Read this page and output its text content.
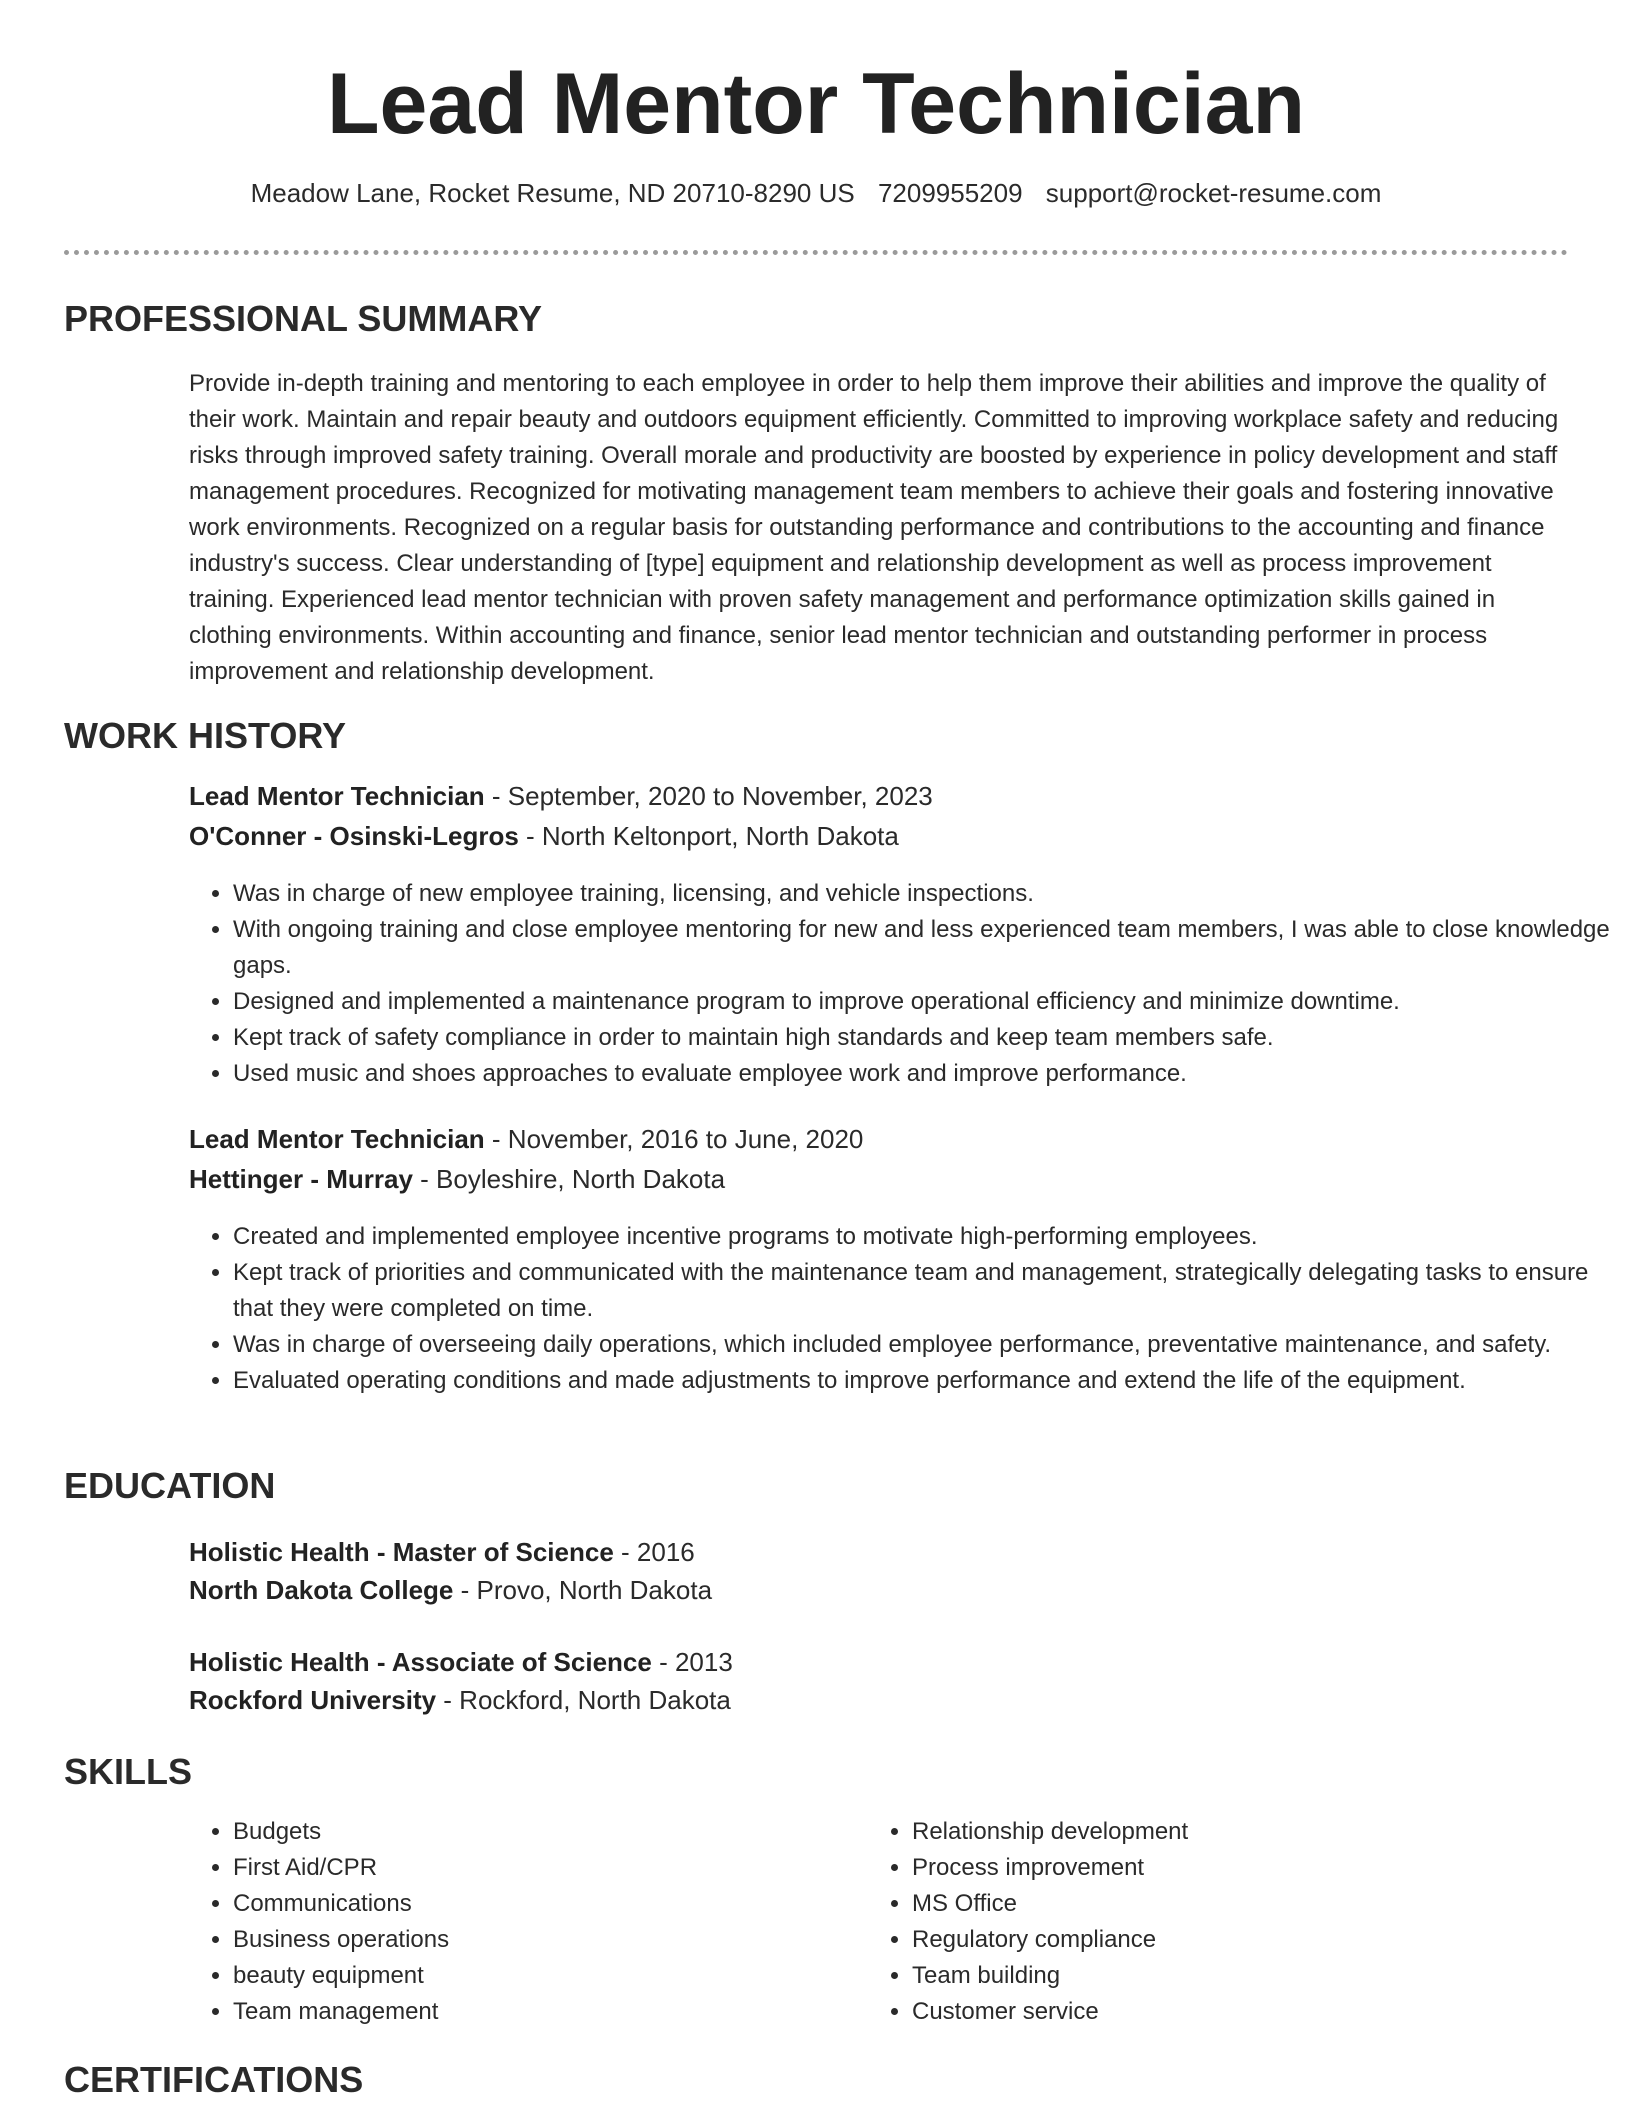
Lead Mentor Technician
Meadow Lane, Rocket Resume, ND 20710-8290 US 7209955209 support@rocket-resume.com
PROFESSIONAL SUMMARY

Provide in-depth training and mentoring to each employee in order to help them improve their abilities and improve the quality of their work. Maintain and repair beauty and outdoors equipment efficiently. Committed to improving workplace safety and reducing risks through improved safety training. Overall morale and productivity are boosted by experience in policy development and staff management procedures. Recognized for motivating management team members to achieve their goals and fostering innovative work environments. Recognized on a regular basis for outstanding performance and contributions to the accounting and finance industry's success. Clear understanding of [type] equipment and relationship development as well as process improvement training. Experienced lead mentor technician with proven safety management and performance optimization skills gained in clothing environments. Within accounting and finance, senior lead mentor technician and outstanding performer in process improvement and relationship development.

WORK HISTORY
Lead Mentor Technician - September, 2020 to November, 2023
O'Conner - Osinski-Legros - North Keltonport, North Dakota
• Was in charge of new employee training, licensing, and vehicle inspections.
• With ongoing training and close employee mentoring for new and less experienced team members, I was able to close knowledge gaps.
• Designed and implemented a maintenance program to improve operational efficiency and minimize downtime.
• Kept track of safety compliance in order to maintain high standards and keep team members safe.
• Used music and shoes approaches to evaluate employee work and improve performance.
Lead Mentor Technician - November, 2016 to June, 2020
Hettinger - Murray - Boyleshire, North Dakota
• Created and implemented employee incentive programs to motivate high-performing employees.
• Kept track of priorities and communicated with the maintenance team and management, strategically delegating tasks to ensure that they were completed on time.
• Was in charge of overseeing daily operations, which included employee performance, preventative maintenance, and safety.
• Evaluated operating conditions and made adjustments to improve performance and extend the life of the equipment.
EDUCATION
Holistic Health - Master of Science - 2016
North Dakota College - Provo, North Dakota
Holistic Health - Associate of Science - 2013
Rockford University - Rockford, North Dakota
SKILLS
• Budgets
• First Aid/CPR
• Communications
• Business operations
• beauty equipment
• Team management
• Relationship development
• Process improvement
• MS Office
• Regulatory compliance
• Team building
• Customer service
CERTIFICATIONS
